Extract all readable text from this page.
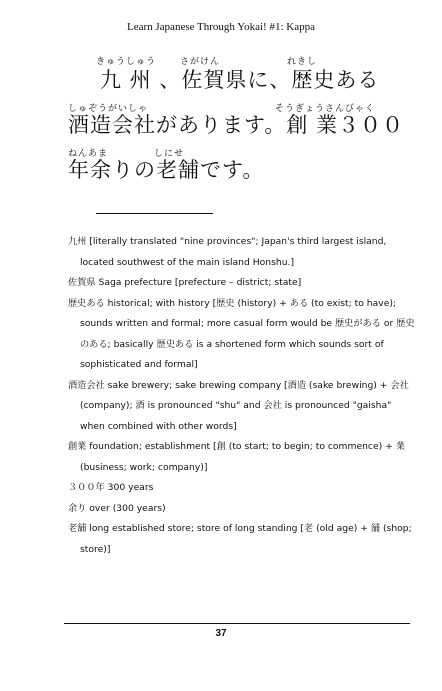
Learn Japanese Through Yokai! #1: Kappa
きゅうしゅう	さがけん	れきし
九 州 、佐賀県に、歴史ある
しゅぞうがいしゃ	そうぎょうさんびゃく
酒造会社があります。創 業３００
ねんあま	しにせ
年余りの老舗です。

九州 [literally translated "nine provinces"; Japan's third largest island, located southwest of the main island Honshu.]

佐賀県 Saga prefecture [prefecture – district; state]

歴史ある historical; with history [歴史 (history) + ある (to exist; to have); sounds written and formal; more casual form would be 歴史がある or 歴史のある; basically 歴史ある is a shortened form which sounds sort of sophisticated and formal]

酒造会社 sake brewery; sake brewing company [酒造 (sake brewing) + 会社 (company); 酒 is pronounced "shu" and 会社 is pronounced "gaisha" when combined with other words]

創業 foundation; establishment [創 (to start; to begin; to commence) + 業 (business; work; company)]

３００年 300 years

余り over (300 years)

老舗 long established store; store of long standing [老 (old age) + 舗 (shop; store)]

37
